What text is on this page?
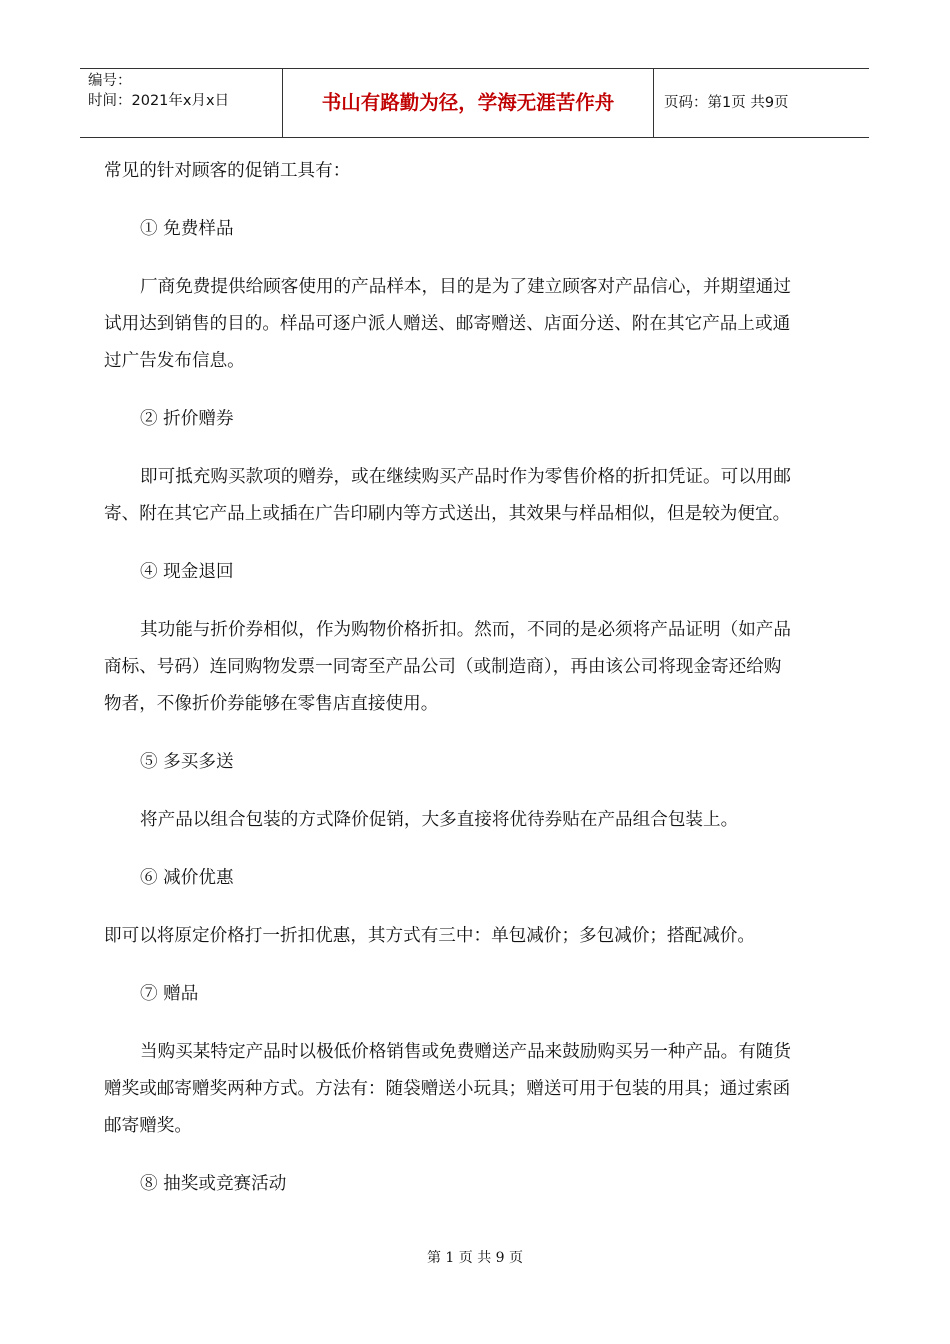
编号：
时间：2021年x月x日	书山有路勤为径，学海无涯苦作舟	页码：第1页 共9页

常见的针对顾客的促销工具有：

① 免费样品

厂商免费提供给顾客使用的产品样本，目的是为了建立顾客对产品信心，并期望通过

试用达到销售的目的。样品可逐户派人赠送、邮寄赠送、店面分送、附在其它产品上或通

过广告发布信息。

② 折价赠券

即可抵充购买款项的赠券，或在继续购买产品时作为零售价格的折扣凭证。可以用邮

寄、附在其它产品上或插在广告印刷内等方式送出，其效果与样品相似，但是较为便宜。

④ 现金退回

其功能与折价券相似，作为购物价格折扣。然而，不同的是必须将产品证明（如产品

商标、号码）连同购物发票一同寄至产品公司（或制造商），再由该公司将现金寄还给购

物者，不像折价券能够在零售店直接使用。

⑤ 多买多送

将产品以组合包装的方式降价促销，大多直接将优待券贴在产品组合包装上。

⑥ 减价优惠

即可以将原定价格打一折扣优惠，其方式有三中：单包减价；多包减价；搭配减价。

⑦ 赠品

当购买某特定产品时以极低价格销售或免费赠送产品来鼓励购买另一种产品。有随货

赠奖或邮寄赠奖两种方式。方法有：随袋赠送小玩具；赠送可用于包装的用具；通过索函

邮寄赠奖。

⑧ 抽奖或竞赛活动

第 1 页 共 9 页
